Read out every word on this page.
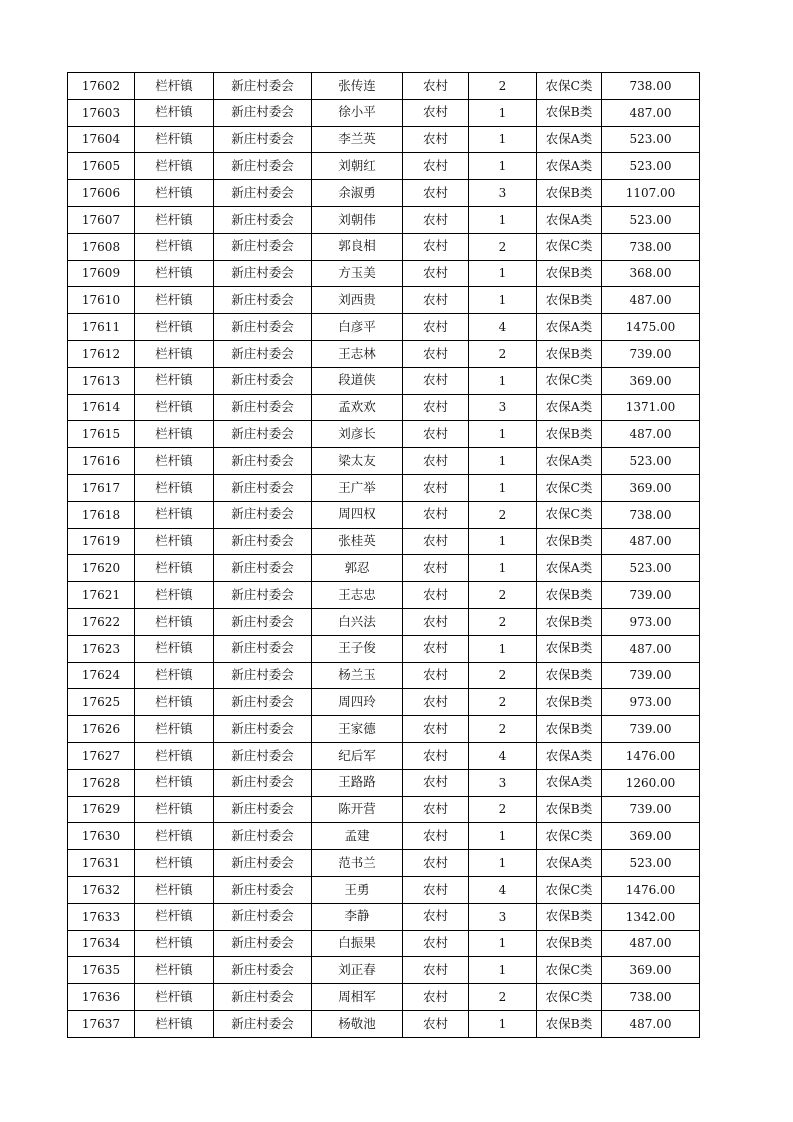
17602	栏杆镇	新庄村委会	张传连	农村	2	农保C类	738.00
17603	栏杆镇	新庄村委会	徐小平	农村	1	农保B类	487.00
17604	栏杆镇	新庄村委会	李兰英	农村	1	农保A类	523.00
17605	栏杆镇	新庄村委会	刘朝红	农村	1	农保A类	523.00
17606	栏杆镇	新庄村委会	余淑勇	农村	3	农保B类	1107.00
17607	栏杆镇	新庄村委会	刘朝伟	农村	1	农保A类	523.00
17608	栏杆镇	新庄村委会	郭良相	农村	2	农保C类	738.00
17609	栏杆镇	新庄村委会	方玉美	农村	1	农保B类	368.00
17610	栏杆镇	新庄村委会	刘西贵	农村	1	农保B类	487.00
17611	栏杆镇	新庄村委会	白彦平	农村	4	农保A类	1475.00
17612	栏杆镇	新庄村委会	王志林	农村	2	农保B类	739.00
17613	栏杆镇	新庄村委会	段道侠	农村	1	农保C类	369.00
17614	栏杆镇	新庄村委会	孟欢欢	农村	3	农保A类	1371.00
17615	栏杆镇	新庄村委会	刘彦长	农村	1	农保B类	487.00
17616	栏杆镇	新庄村委会	梁太友	农村	1	农保A类	523.00
17617	栏杆镇	新庄村委会	王广举	农村	1	农保C类	369.00
17618	栏杆镇	新庄村委会	周四权	农村	2	农保C类	738.00
17619	栏杆镇	新庄村委会	张桂英	农村	1	农保B类	487.00
17620	栏杆镇	新庄村委会	郭忍	农村	1	农保A类	523.00
17621	栏杆镇	新庄村委会	王志忠	农村	2	农保B类	739.00
17622	栏杆镇	新庄村委会	白兴法	农村	2	农保B类	973.00
17623	栏杆镇	新庄村委会	王子俊	农村	1	农保B类	487.00
17624	栏杆镇	新庄村委会	杨兰玉	农村	2	农保B类	739.00
17625	栏杆镇	新庄村委会	周四玲	农村	2	农保B类	973.00
17626	栏杆镇	新庄村委会	王家德	农村	2	农保B类	739.00
17627	栏杆镇	新庄村委会	纪后军	农村	4	农保A类	1476.00
17628	栏杆镇	新庄村委会	王路路	农村	3	农保A类	1260.00
17629	栏杆镇	新庄村委会	陈开营	农村	2	农保B类	739.00
17630	栏杆镇	新庄村委会	孟建	农村	1	农保C类	369.00
17631	栏杆镇	新庄村委会	范书兰	农村	1	农保A类	523.00
17632	栏杆镇	新庄村委会	王勇	农村	4	农保C类	1476.00
17633	栏杆镇	新庄村委会	李静	农村	3	农保B类	1342.00
17634	栏杆镇	新庄村委会	白振果	农村	1	农保B类	487.00
17635	栏杆镇	新庄村委会	刘正春	农村	1	农保C类	369.00
17636	栏杆镇	新庄村委会	周相军	农村	2	农保C类	738.00
17637	栏杆镇	新庄村委会	杨敬池	农村	1	农保B类	487.00
